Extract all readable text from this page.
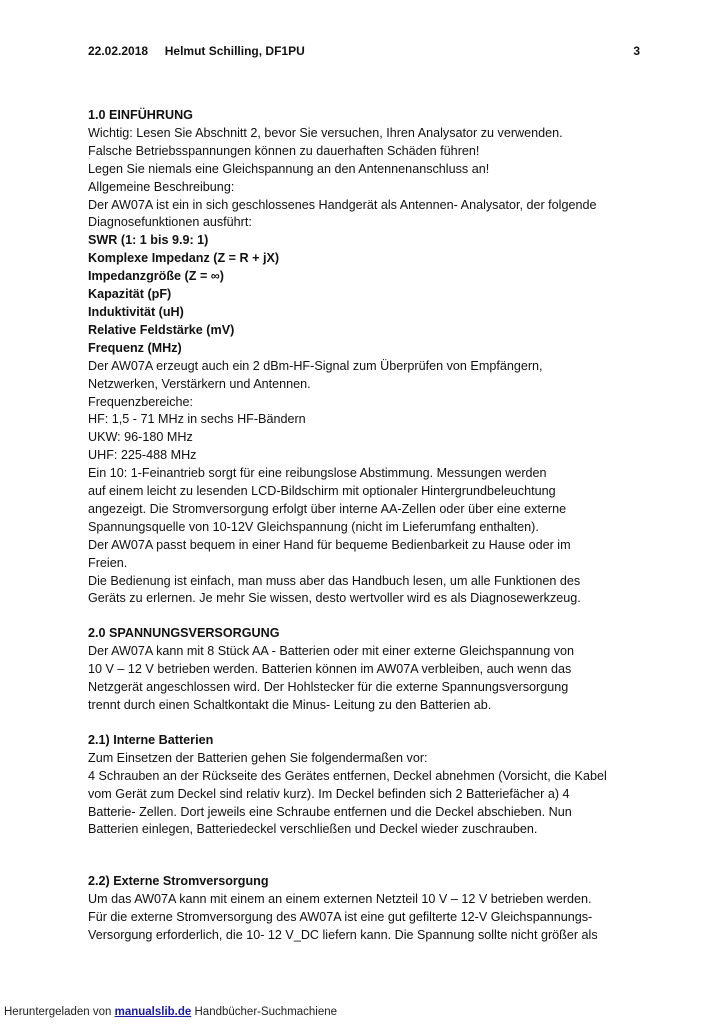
22.02.2018 Helmut Schilling, DF1PU	3
1.0 EINFÜHRUNG
Wichtig: Lesen Sie Abschnitt 2, bevor Sie versuchen, Ihren Analysator zu verwenden.
Falsche Betriebsspannungen können zu dauerhaften Schäden führen!
Legen Sie niemals eine Gleichspannung an den Antennenanschluss an!
Allgemeine Beschreibung:
Der AW07A ist ein in sich geschlossenes Handgerät als Antennen- Analysator, der folgende
Diagnosefunktionen ausführt:
SWR (1: 1 bis 9.9: 1)
Komplexe Impedanz (Z = R + jX)
Impedanzgröße (Z = ∞)
Kapazität (pF)
Induktivität (uH)
Relative Feldstärke (mV)
Frequenz (MHz)
Der AW07A erzeugt auch ein 2 dBm-HF-Signal zum Überprüfen von Empfängern,
Netzwerken, Verstärkern und Antennen.
Frequenzbereiche:
HF: 1,5 - 71 MHz in sechs HF-Bändern
UKW: 96-180 MHz
UHF: 225-488 MHz
Ein 10: 1-Feinantrieb sorgt für eine reibungslose Abstimmung. Messungen werden
auf einem leicht zu lesenden LCD-Bildschirm mit optionaler Hintergrundbeleuchtung
angezeigt. Die Stromversorgung erfolgt über interne AA-Zellen oder über eine externe
Spannungsquelle von 10-12V Gleichspannung (nicht im Lieferumfang enthalten).
Der AW07A passt bequem in einer Hand für bequeme Bedienbarkeit zu Hause oder im
Freien.
Die Bedienung ist einfach, man muss aber das Handbuch lesen, um alle Funktionen des
Geräts zu erlernen. Je mehr Sie wissen, desto wertvoller wird es als Diagnosewerkzeug.
2.0 SPANNUNGSVERSORGUNG
Der AW07A kann mit 8 Stück AA - Batterien oder mit einer externe Gleichspannung von
10 V – 12 V betrieben werden. Batterien können im AW07A verbleiben, auch wenn das
Netzgerät angeschlossen wird. Der Hohlstecker für die externe Spannungsversorgung
trennt durch einen Schaltkontakt die Minus- Leitung zu den Batterien ab.
2.1) Interne Batterien
Zum Einsetzen der Batterien gehen Sie folgendermaßen vor:
4 Schrauben an der Rückseite des Gerätes entfernen, Deckel abnehmen (Vorsicht, die Kabel
vom Gerät zum Deckel sind relativ kurz). Im Deckel befinden sich 2 Batteriefächer a) 4
Batterie- Zellen. Dort jeweils eine Schraube entfernen und die Deckel abschieben. Nun
Batterien einlegen, Batteriedeckel verschließen und Deckel wieder zuschrauben.
2.2) Externe Stromversorgung
Um das AW07A kann mit einem an einem externen Netzteil 10 V – 12 V betrieben werden.
Für die externe Stromversorgung des AW07A ist eine gut gefilterte 12-V Gleichspannungs-
Versorgung erforderlich, die 10- 12 V_DC liefern kann. Die Spannung sollte nicht größer als
Heruntergeladen von manualslib.de Handbücher-Suchmachiene
